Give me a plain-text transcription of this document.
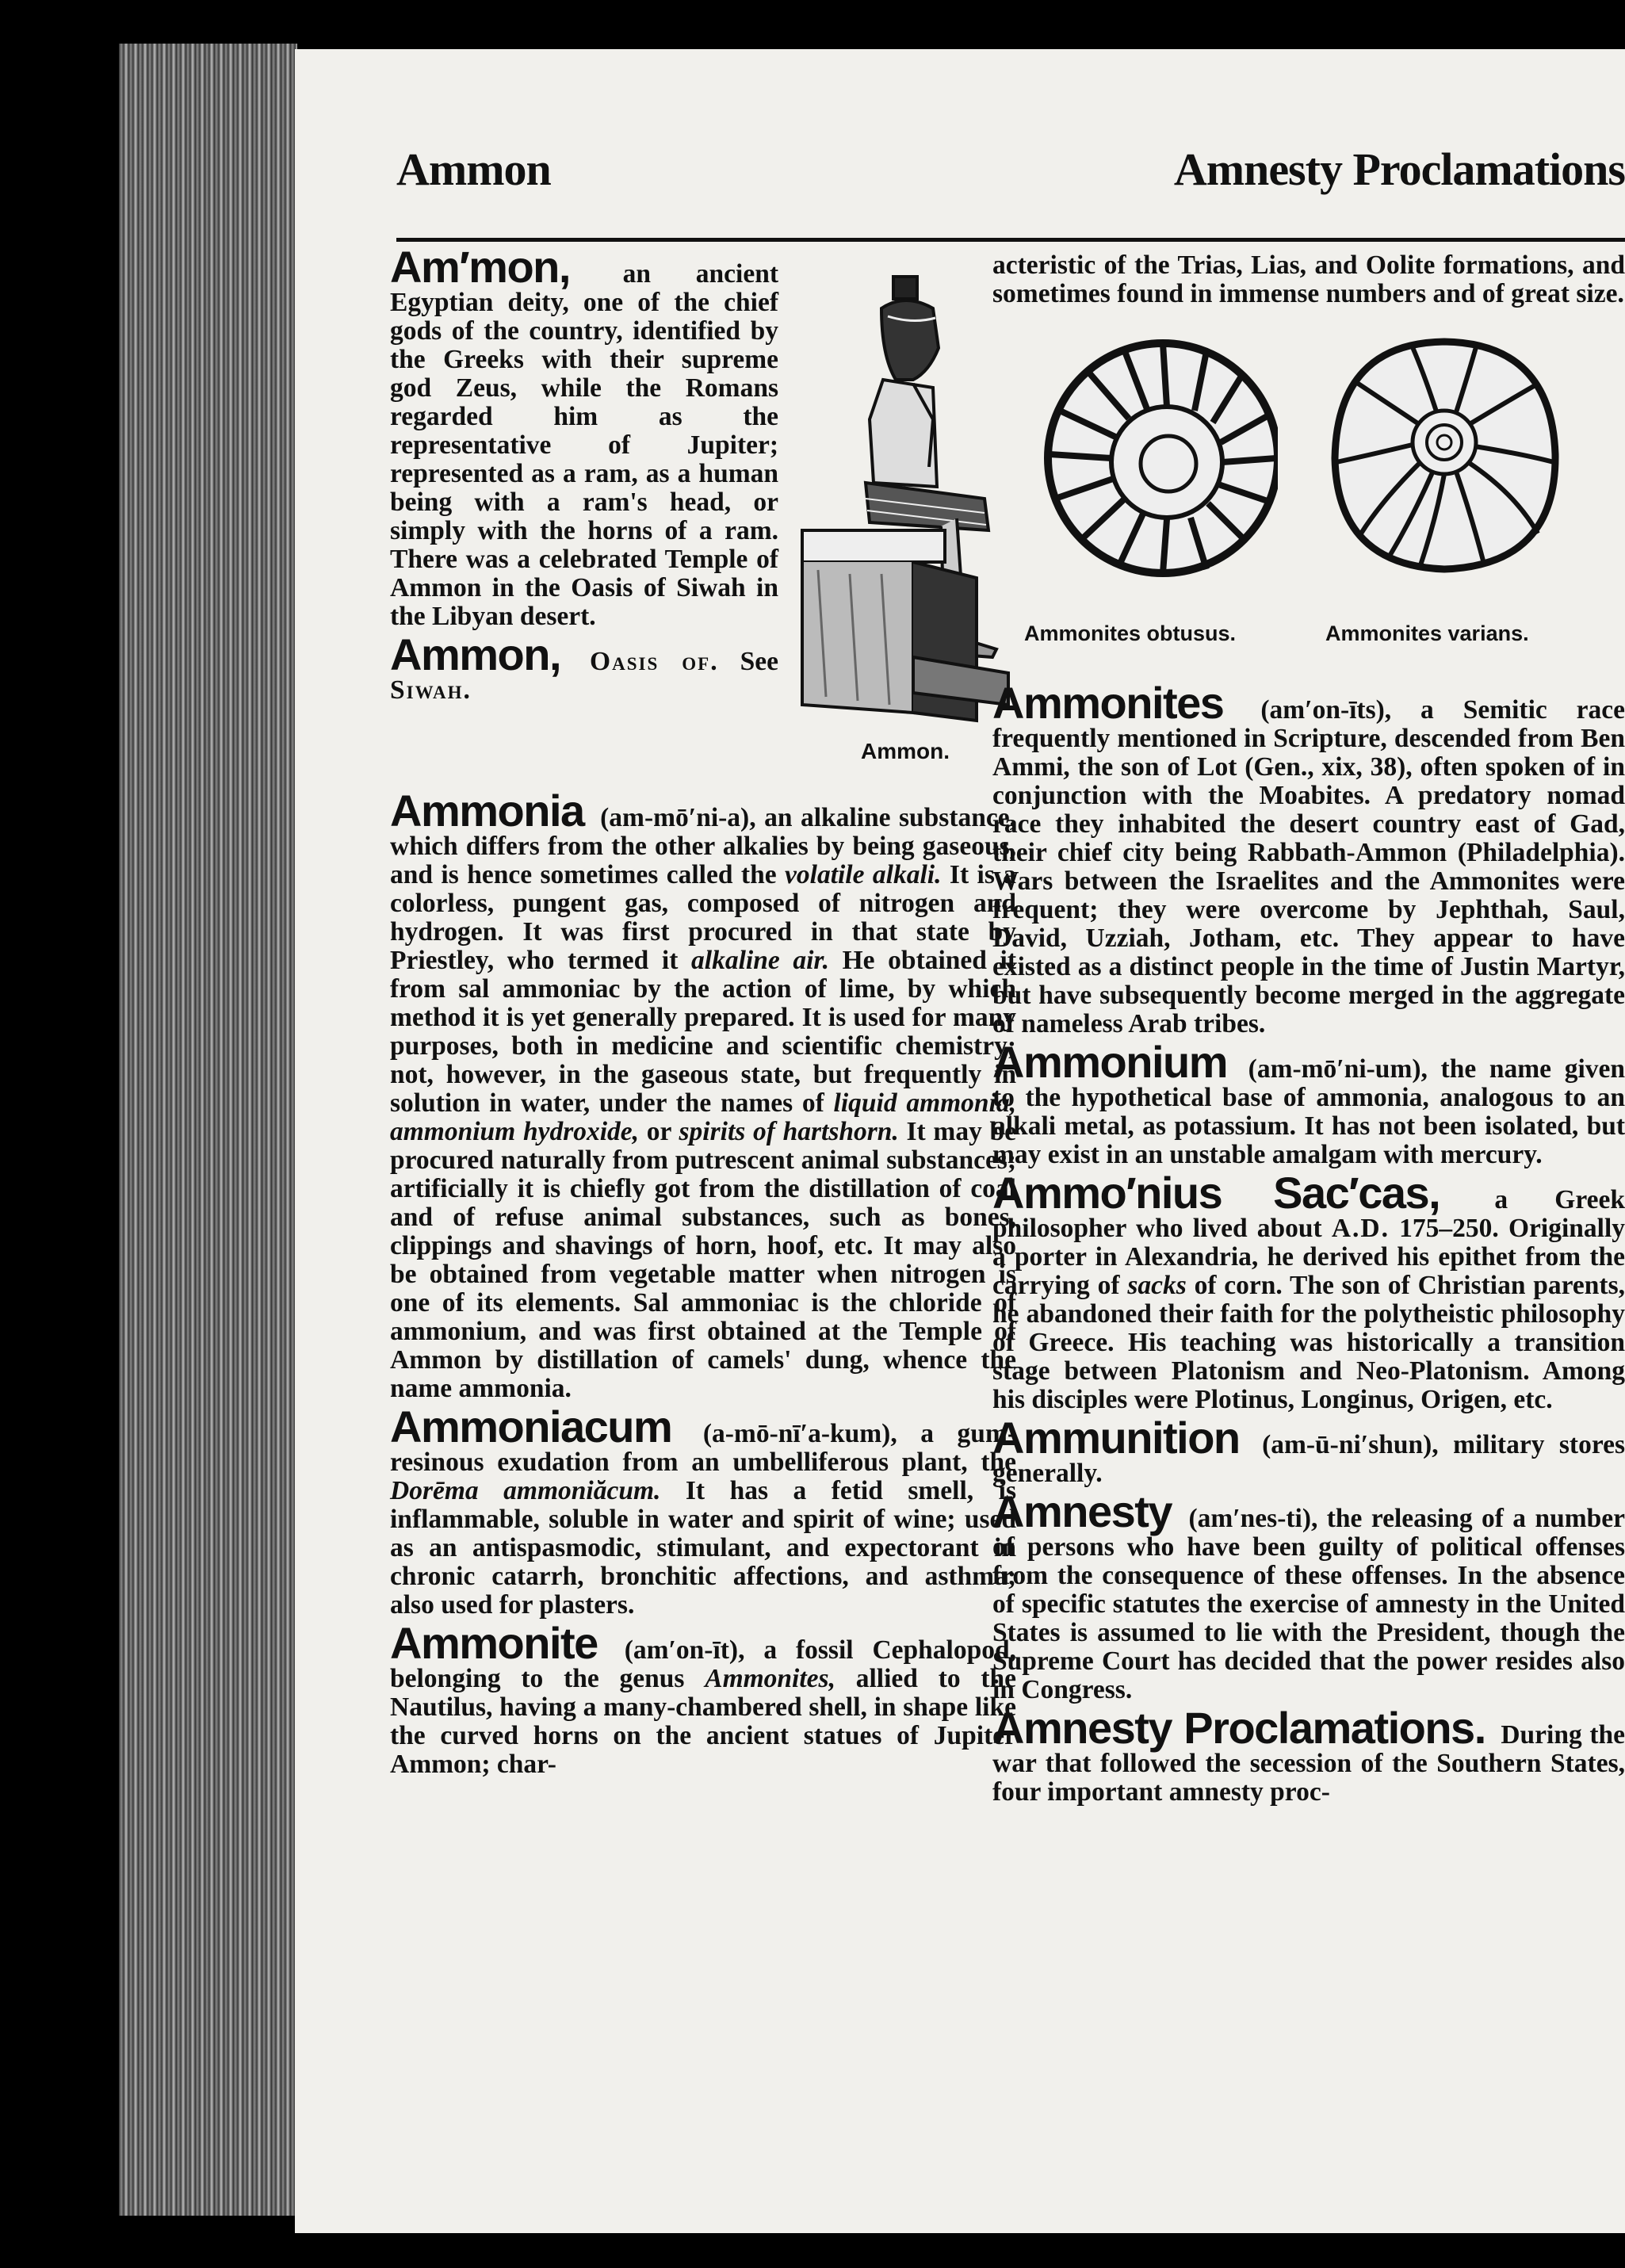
Ammon	Amnesty Proclamations

Am′mon,
Ammon.
an ancient Egyptian deity, one of the chief gods of the country, identified by the Greeks with their supreme god Zeus, while the Romans regarded him as the representative of Jupiter; represented as a ram, as a human being with a ram's head, or simply with the horns of a ram. There was a celebrated Temple of Ammon in the Oasis of Siwah in the Libyan desert.

Ammon, Oasis of. See Siwah.

Ammonia (am-mō′ni-a), an alkaline substance, which differs from the other alkalies by being gaseous, and is hence sometimes called the volatile alkali. It is a colorless, pungent gas, composed of nitrogen and hydrogen. It was first procured in that state by Priestley, who termed it alkaline air. He obtained it from sal ammoniac by the action of lime, by which method it is yet generally prepared. It is used for many purposes, both in medicine and scientific chemistry; not, however, in the gaseous state, but frequently in solution in water, under the names of liquid ammonia, ammonium hydroxide, or spirits of hartshorn. It may be procured naturally from putrescent animal substances; artificially it is chiefly got from the distillation of coal and of refuse animal substances, such as bones, clippings and shavings of horn, hoof, etc. It may also be obtained from vegetable matter when nitrogen is one of its elements. Sal ammoniac is the chloride of ammonium, and was first obtained at the Temple of Ammon by distillation of camels' dung, whence the name ammonia.

Ammoniacum (a-mō-nī′a-kum), a gum-resinous exudation from an umbelliferous plant, the Dorēma ammoniăcum. It has a fetid smell, is inflammable, soluble in water and spirit of wine; used as an antispasmodic, stimulant, and expectorant in chronic catarrh, bronchitic affections, and asthma; also used for plasters.

Ammonite (am′on-īt), a fossil Cephalopod, belonging to the genus Ammonites, allied to the Nautilus, having a many-chambered shell, in shape like the curved horns on the ancient statues of Jupiter Ammon; char-

acteristic of the Trias, Lias, and Oolite formations, and sometimes found in immense numbers and of great size.

Ammonites obtusus.	Ammonites varians.

Ammonites (am′on-īts), a Semitic race frequently mentioned in Scripture, descended from Ben Ammi, the son of Lot (Gen., xix, 38), often spoken of in conjunction with the Moabites. A predatory nomad race they inhabited the desert country east of Gad, their chief city being Rabbath-Ammon (Philadelphia). Wars between the Israelites and the Ammonites were frequent; they were overcome by Jephthah, Saul, David, Uzziah, Jotham, etc. They appear to have existed as a distinct people in the time of Justin Martyr, but have subsequently become merged in the aggregate of nameless Arab tribes.

Ammonium (am-mō′ni-um), the name given to the hypothetical base of ammonia, analogous to an alkali metal, as potassium. It has not been isolated, but may exist in an unstable amalgam with mercury.

Ammo′nius Sac′cas, a Greek philosopher who lived about A.D. 175–250. Originally a porter in Alexandria, he derived his epithet from the carrying of sacks of corn. The son of Christian parents, he abandoned their faith for the polytheistic philosophy of Greece. His teaching was historically a transition stage between Platonism and Neo-Platonism. Among his disciples were Plotinus, Longinus, Origen, etc.

Ammunition (am-ū-ni′shun), military stores generally.

Amnesty (am′nes-ti), the releasing of a number of persons who have been guilty of political offenses from the consequence of these offenses. In the absence of specific statutes the exercise of amnesty in the United States is assumed to lie with the President, though the Supreme Court has decided that the power resides also in Congress.

Amnesty Proclamations. During the war that followed the secession of the Southern States, four important amnesty proc-
